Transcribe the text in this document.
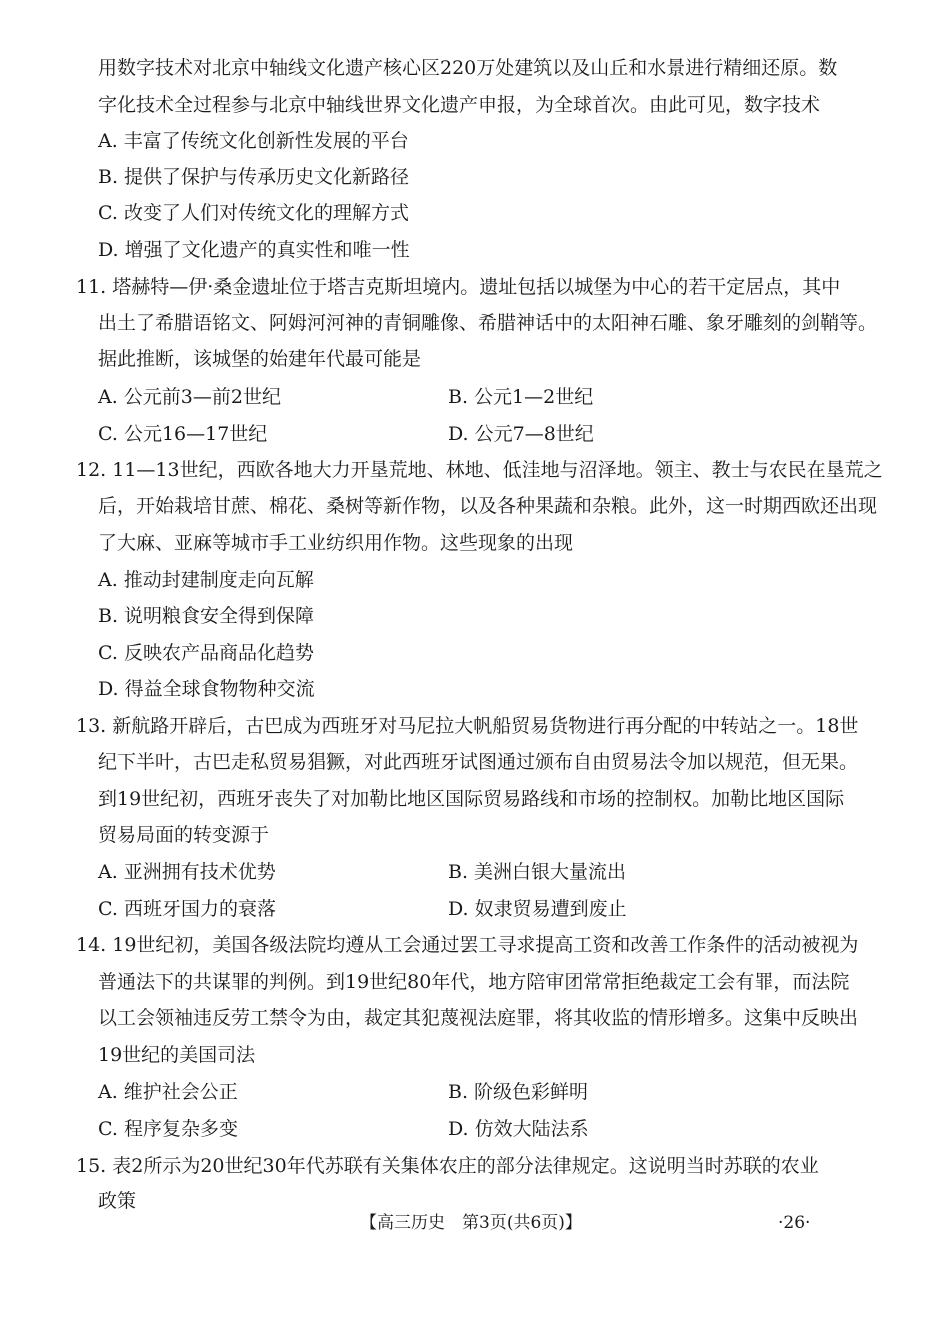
用数字技术对北京中轴线文化遗产核心区220万处建筑以及山丘和水景进行精细还原。数
字化技术全过程参与北京中轴线世界文化遗产申报，为全球首次。由此可见，数字技术
A. 丰富了传统文化创新性发展的平台
B. 提供了保护与传承历史文化新路径
C. 改变了人们对传统文化的理解方式
D. 增强了文化遗产的真实性和唯一性
11. 塔赫特—伊·桑金遗址位于塔吉克斯坦境内。遗址包括以城堡为中心的若干定居点，其中
出土了希腊语铭文、阿姆河河神的青铜雕像、希腊神话中的太阳神石雕、象牙雕刻的剑鞘等。
据此推断，该城堡的始建年代最可能是
A. 公元前3—前2世纪	B. 公元1—2世纪
C. 公元16—17世纪	D. 公元7—8世纪
12. 11—13世纪，西欧各地大力开垦荒地、林地、低洼地与沼泽地。领主、教士与农民在垦荒之
后，开始栽培甘蔗、棉花、桑树等新作物，以及各种果蔬和杂粮。此外，这一时期西欧还出现
了大麻、亚麻等城市手工业纺织用作物。这些现象的出现
A. 推动封建制度走向瓦解
B. 说明粮食安全得到保障
C. 反映农产品商品化趋势
D. 得益全球食物物种交流
13. 新航路开辟后，古巴成为西班牙对马尼拉大帆船贸易货物进行再分配的中转站之一。18世
纪下半叶，古巴走私贸易猖獗，对此西班牙试图通过颁布自由贸易法令加以规范，但无果。
到19世纪初，西班牙丧失了对加勒比地区国际贸易路线和市场的控制权。加勒比地区国际
贸易局面的转变源于
A. 亚洲拥有技术优势	B. 美洲白银大量流出
C. 西班牙国力的衰落	D. 奴隶贸易遭到废止
14. 19世纪初，美国各级法院均遵从工会通过罢工寻求提高工资和改善工作条件的活动被视为
普通法下的共谋罪的判例。到19世纪80年代，地方陪审团常常拒绝裁定工会有罪，而法院
以工会领袖违反劳工禁令为由，裁定其犯蔑视法庭罪，将其收监的情形增多。这集中反映出
19世纪的美国司法
A. 维护社会公正	B. 阶级色彩鲜明
C. 程序复杂多变	D. 仿效大陆法系
15. 表2所示为20世纪30年代苏联有关集体农庄的部分法律规定。这说明当时苏联的农业
政策
【高三历史　第3页(共6页)】	·26·
